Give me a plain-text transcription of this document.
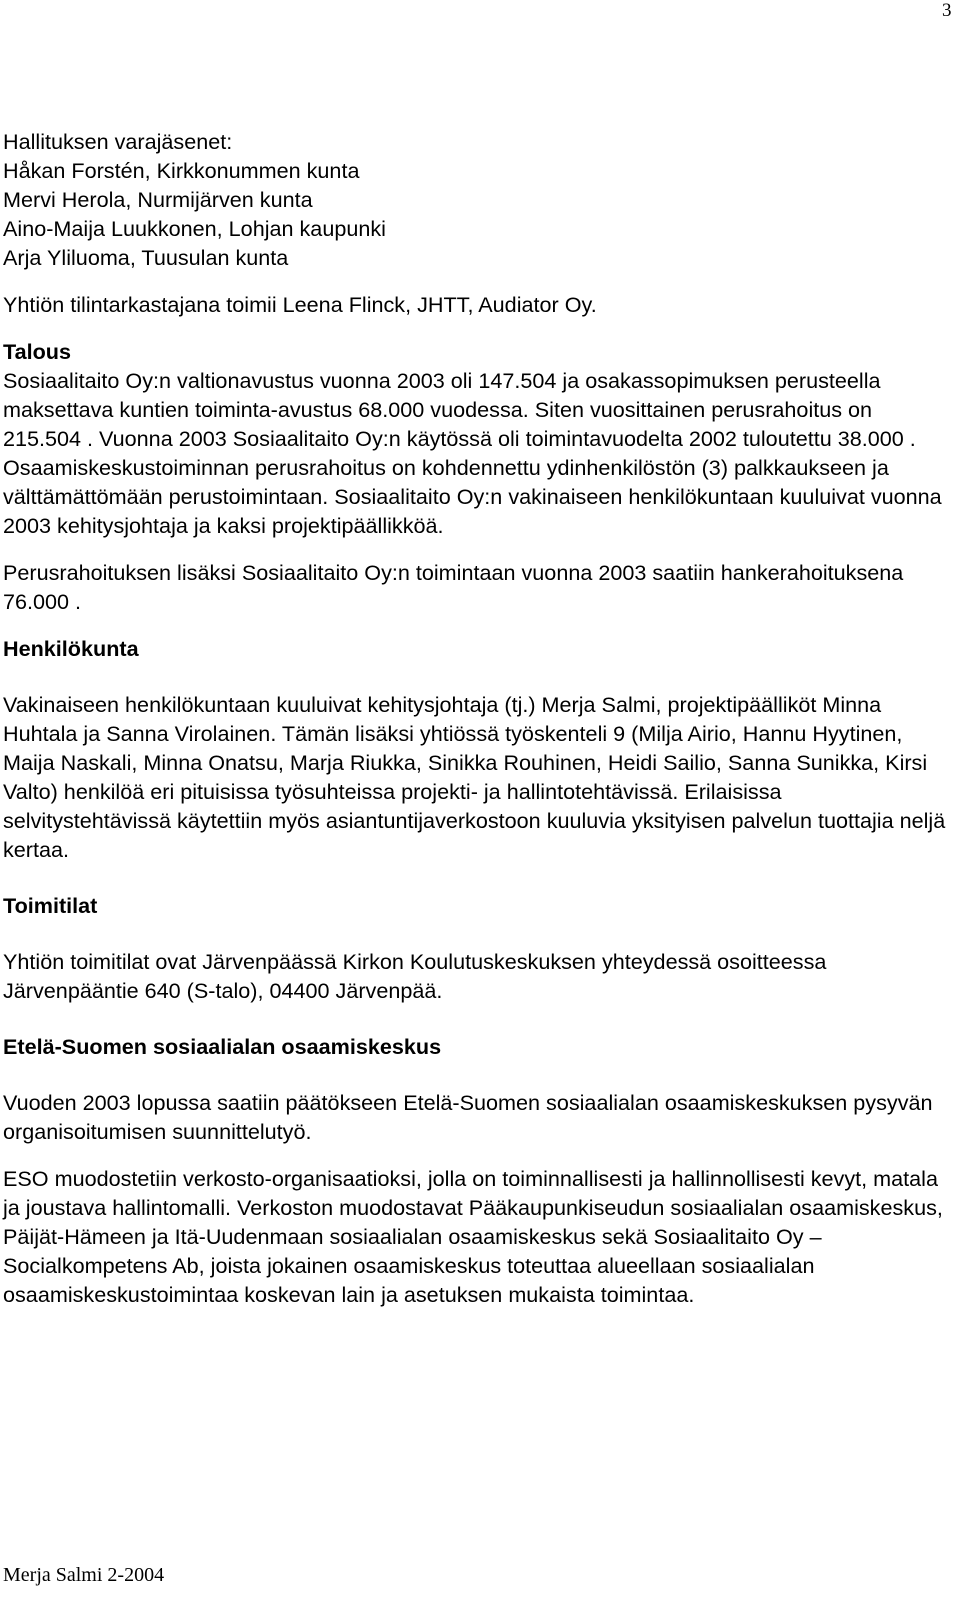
3

Hallituksen varajäsenet:

Håkan Forstén, Kirkkonummen kunta

Mervi Herola, Nurmijärven kunta

Aino-Maija Luukkonen, Lohjan kaupunki

Arja Yliluoma, Tuusulan kunta

Yhtiön tilintarkastajana toimii Leena Flinck, JHTT, Audiator Oy.

Talous

Sosiaalitaito Oy:n valtionavustus vuonna 2003 oli 147.504 ja osakassopimuksen perusteella maksettava kuntien toiminta-avustus 68.000 vuodessa. Siten vuosittainen perusrahoitus on 215.504 . Vuonna 2003 Sosiaalitaito Oy:n käytössä oli toimintavuodelta 2002 tuloutettu 38.000 . Osaamiskeskustoiminnan perusrahoitus on kohdennettu ydinhenkilöstön (3) palkkaukseen ja välttämättömään perustoimintaan. Sosiaalitaito Oy:n vakinaiseen henkilökuntaan kuuluivat vuonna 2003 kehitysjohtaja ja kaksi projektipäällikköä.

Perusrahoituksen lisäksi Sosiaalitaito Oy:n toimintaan vuonna 2003 saatiin hankerahoituksena 76.000 .

Henkilökunta

Vakinaiseen henkilökuntaan kuuluivat kehitysjohtaja (tj.) Merja Salmi, projektipäälliköt Minna Huhtala ja Sanna Virolainen. Tämän lisäksi yhtiössä työskenteli 9 (Milja Airio, Hannu Hyytinen, Maija Naskali, Minna Onatsu, Marja Riukka, Sinikka Rouhinen, Heidi Sailio, Sanna Sunikka, Kirsi Valto) henkilöä eri pituisissa työsuhteissa projekti- ja hallintotehtävissä. Erilaisissa selvitystehtävissä käytettiin myös asiantuntijaverkostoon kuuluvia yksityisen palvelun tuottajia neljä kertaa.

Toimitilat

Yhtiön toimitilat ovat Järvenpäässä Kirkon Koulutuskeskuksen yhteydessä osoitteessa Järvenpääntie 640 (S-talo), 04400 Järvenpää.

Etelä-Suomen sosiaalialan osaamiskeskus

Vuoden 2003 lopussa saatiin päätökseen Etelä-Suomen sosiaalialan osaamiskeskuksen pysyvän organisoitumisen suunnittelutyö.

ESO muodostetiin verkosto-organisaatioksi, jolla on toiminnallisesti ja hallinnollisesti kevyt, matala ja joustava hallintomalli. Verkoston muodostavat Pääkaupunkiseudun sosiaalialan osaamiskeskus, Päijät-Hämeen ja Itä-Uudenmaan sosiaalialan osaamiskeskus sekä Sosiaalitaito Oy – Socialkompetens Ab, joista jokainen osaamiskeskus toteuttaa alueellaan sosiaalialan osaamiskeskustoimintaa koskevan lain ja asetuksen mukaista toimintaa.

Merja Salmi 2-2004
